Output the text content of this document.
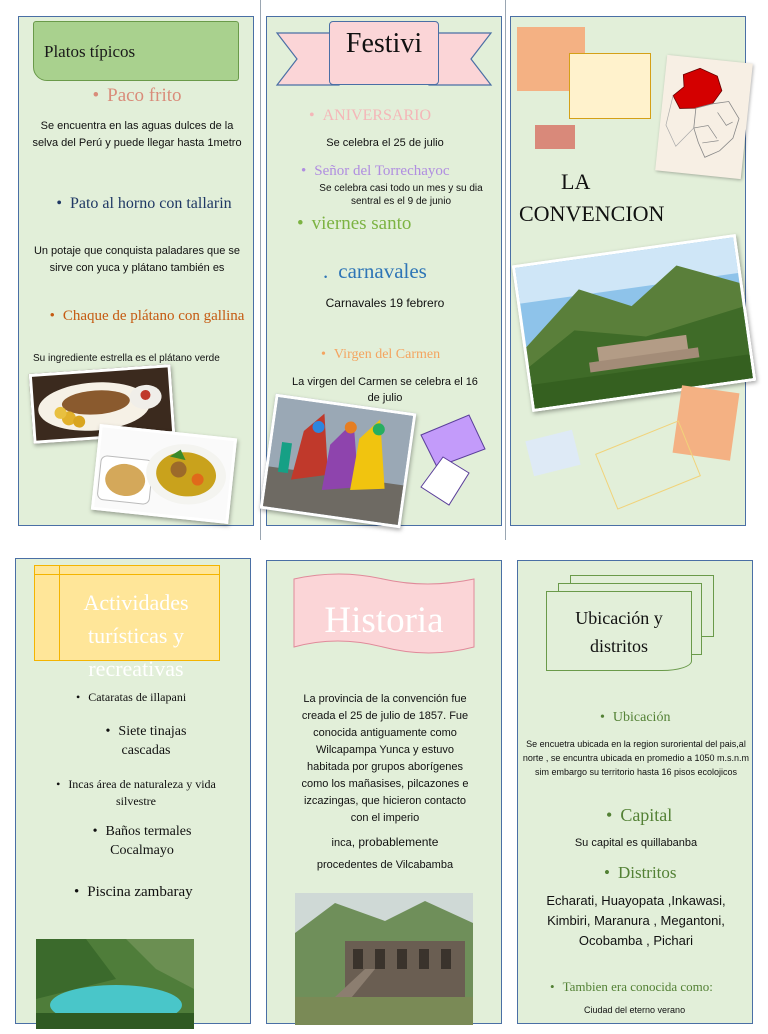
Platos típicos
• Paco frito
Se encuentra en las aguas dulces de la selva del Perú y puede llegar hasta 1metro
• Pato al horno con tallarin
Un potaje que conquista paladares que se sirve con yuca y plátano también es
• Chaque de plátano con gallina
Su ingrediente estrella es el plátano verde
Festivi
• ANIVERSARIO
Se celebra el 25 de julio
• Señor del Torrechayoc
Se celebra casi todo un mes y su dia sentral es el 9 de junio
• viernes santo
. carnavales
Carnavales 19 febrero
• Virgen del Carmen
La virgen del Carmen se celebra el 16 de julio
LA
CONVENCION
Actividades turísticas y recreativas
• Cataratas de illapani
• Siete tinajas cascadas
• Incas área de naturaleza y vida silvestre
• Baños termales Cocalmayo
• Piscina zambaray
Historia
La provincia de la convención fue creada el 25 de julio de 1857. Fue conocida antiguamente como Wilcapampa Yunca y estuvo habitada por grupos aborígenes como los mañasises, pilcazones e izcazingas, que hicieron contacto con el imperio
inca, probablemente
procedentes de Vilcabamba
Ubicación y distritos
• Ubicación
Se encuetra ubicada en la region suroriental del pais,al norte , se encuntra ubicada en promedio a 1050 m.s.n.m sim embargo su territorio hasta 16 pisos ecolojicos
• Capital
Su capital es quillabanba
• Distritos
Echarati, Huayopata ,Inkawasi, Kimbiri, Maranura , Megantoni, Ocobamba , Pichari
• Tambien era conocida como:
Ciudad del eterno verano
